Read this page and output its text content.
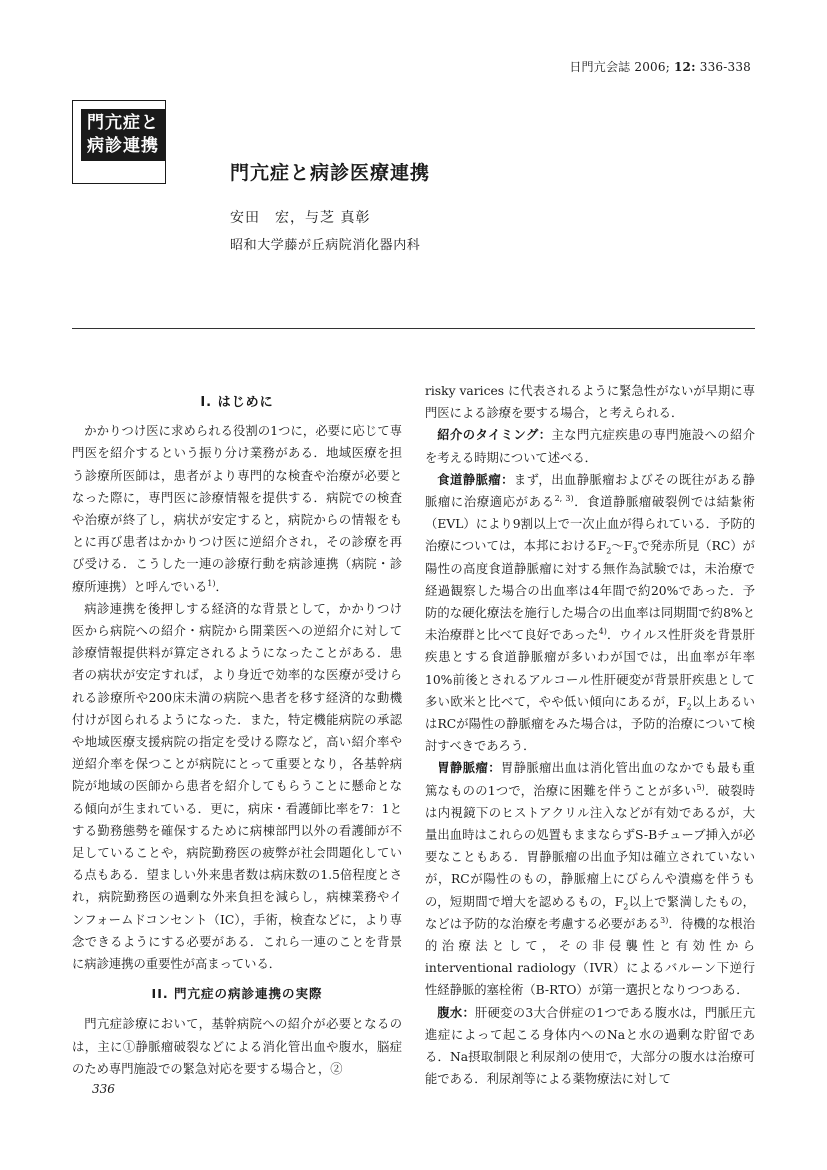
日門亢会誌 2006; 12: 336-338
門亢症と
病診連携
門亢症と病診医療連携
安田　宏，与芝 真彰
昭和大学藤が丘病院消化器内科
I. はじめに

かかりつけ医に求められる役割の1つに，必要に応じて専門医を紹介するという振り分け業務がある．地域医療を担う診療所医師は，患者がより専門的な検査や治療が必要となった際に，専門医に診療情報を提供する．病院での検査や治療が終了し，病状が安定すると，病院からの情報をもとに再び患者はかかりつけ医に逆紹介され，その診療を再び受ける．こうした一連の診療行動を病診連携（病院・診療所連携）と呼んでいる$^{1)}$．

病診連携を後押しする経済的な背景として，かかりつけ医から病院への紹介・病院から開業医への逆紹介に対して診療情報提供料が算定されるようになったことがある．患者の病状が安定すれば，より身近で効率的な医療が受けられる診療所や200床未満の病院へ患者を移す経済的な動機付けが図られるようになった．また，特定機能病院の承認や地域医療支援病院の指定を受ける際など，高い紹介率や逆紹介率を保つことが病院にとって重要となり，各基幹病院が地域の医師から患者を紹介してもらうことに懸命となる傾向が生まれている．更に，病床・看護師比率を7：1とする勤務態勢を確保するために病棟部門以外の看護師が不足していることや，病院勤務医の疲弊が社会問題化している点もある．望ましい外来患者数は病床数の1.5倍程度とされ，病院勤務医の過剰な外来負担を減らし，病棟業務やインフォームドコンセント（IC），手術，検査などに，より専念できるようにする必要がある．これら一連のことを背景に病診連携の重要性が高まっている．

II. 門亢症の病診連携の実際

門亢症診療において，基幹病院への紹介が必要となるのは，主に①静脈瘤破裂などによる消化管出血や腹水，脳症のため専門施設での緊急対応を要する場合と，②

risky varices に代表されるように緊急性がないが早期に専門医による診療を要する場合，と考えられる．

紹介のタイミング：主な門亢症疾患の専門施設への紹介を考える時期について述べる．

食道静脈瘤：まず，出血静脈瘤およびその既往がある静脈瘤に治療適応がある$^{2, 3)}$．食道静脈瘤破裂例では結紮術（EVL）により9割以上で一次止血が得られている．予防的治療については，本邦における$F_2\sim F_3$で発赤所見（RC）が陽性の高度食道静脈瘤に対する無作為試験では，未治療で経過観察した場合の出血率は4年間で約20%であった．予防的な硬化療法を施行した場合の出血率は同期間で約8%と未治療群と比べて良好であった$^{4)}$．ウイルス性肝炎を背景肝疾患とする食道静脈瘤が多いわが国では，出血率が年率10%前後とされるアルコール性肝硬変が背景肝疾患として多い欧米と比べて，やや低い傾向にあるが，$F_2$以上あるいはRCが陽性の静脈瘤をみた場合は，予防的治療について検討すべきであろう．

胃静脈瘤：胃静脈瘤出血は消化管出血のなかでも最も重篤なものの1つで，治療に困難を伴うことが多い$^{5)}$．破裂時は内視鏡下のヒストアクリル注入などが有効であるが，大量出血時はこれらの処置もままならずS-Bチューブ挿入が必要なこともある．胃静脈瘤の出血予知は確立されていないが，RCが陽性のもの，静脈瘤上にびらんや潰瘍を伴うもの，短期間で増大を認めるもの，$F_2$以上で緊満したもの，などは予防的な治療を考慮する必要がある$^{3)}$．待機的な根治的治療法として，その非侵襲性と有効性からinterventional radiology（IVR）によるバルーン下逆行性経静脈的塞栓術（B-RTO）が第一選択となりつつある．

腹水：肝硬変の3大合併症の1つである腹水は，門脈圧亢進症によって起こる身体内へのNaと水の過剰な貯留である．Na摂取制限と利尿剤の使用で，大部分の腹水は治療可能である．利尿剤等による薬物療法に対して

336
